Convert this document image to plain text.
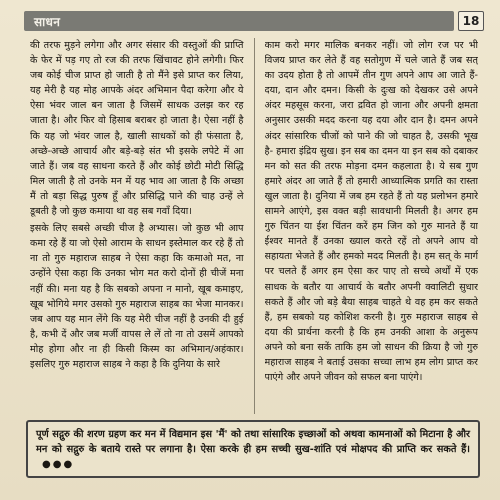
साधन	18

की तरफ मुड़ने लगेगा और अगर संसार की वस्तुओं की प्राप्ति के फेर में पड़ गए तो रज की तरफ खिंचावट होने लगेगी। फिर जब कोई चीज प्राप्त हो जाती है तो मैंने इसे प्राप्त कर लिया, यह मेरी है यह मोह आपके अंदर अभिमान पैदा करेगा और ये ऐसा भंवर जाल बन जाता है जिसमें साधक उलझ कर रह जाता है। और फिर वो हिसाब बराबर हो जाता है। ऐसा नहीं है कि यह जो भंवर जाल है, खाली साधकों को ही फंसाता है, अच्छे-अच्छे आचार्य और बड़े-बड़े संत भी इसके लपेटे में आ जाते हैं। जब वह साधना करते हैं और कोई छोटी मोटी सिद्धि मिल जाती है तो उनके मन में यह भाव आ जाता है कि अच्छा मैं तो बड़ा सिद्ध पुरुष हूँ और प्रसिद्धि पाने की चाह उन्हें ले डूबती है जो कुछ कमाया था वह सब गवाँ दिया।

इसके लिए सबसे अच्छी चीज है अभ्यास। जो कुछ भी आप कमा रहे हैं या जो ऐसो आराम के साधन इस्तेमाल कर रहे हैं तो ना तो गुरु महाराज साहब ने ऐसा कहा कि कमाओ मत, ना उन्होंने ऐसा कहा कि उनका भोग मत करो दोनों ही चीजें मना नहीं की। मना यह है कि सबको अपना न मानो, खूब कमाइए, खूब भोगिये मगर उसको गुरु महाराज साहब का भेजा मानकर। जब आप यह मान लेंगे कि यह मेरी चीज नहीं है उनकी दी हुई है, कभी दें और जब मर्जी वापस ले लें तो ना तो उसमें आपको मोह होगा और ना ही किसी किस्म का अभिमान/अहंकार। इसलिए गुरु महाराज साहब ने कहा है कि दुनिया के सारे

काम करो मगर मालिक बनकर नहीं। जो लोग रज पर भी विजय प्राप्त कर लेते हैं वह सतोगुण में चले जाते हैं जब सत् का उदय होता है तो आपमें तीन गुण अपने आप आ जाते हैं- दया, दान और दमन। किसी के दुःख को देखकर उसे अपने अंदर महसूस करना, जरा द्रवित हो जाना और अपनी क्षमता अनुसार उसकी मदद करना यह दया और दान है। दमन अपने अंदर सांसारिक चीजों को पाने की जो चाहत है, उसकी भूख है- हमारा इंद्रिय सुख। इन सब का दमन या इन सब को दबाकर मन को सत की तरफ मोड़ना दमन कहलाता है। ये सब गुण हमारे अंदर आ जाते हैं तो हमारी आध्यात्मिक प्रगति का रास्ता खुल जाता है। दुनिया में जब हम रहते हैं तो यह प्रलोभन हमारे सामने आएंगे, इस वक्त बड़ी सावधानी मिलती है। अगर हम गुरु चिंतन या ईश चिंतन करें हम जिन को गुरु मानते हैं या ईश्वर मानते हैं उनका ख्याल करते रहें तो अपने आप वो सहायता भेजते हैं और हमको मदद मिलती है। हम सत् के मार्ग पर चलते हैं अगर हम ऐसा कर पाए तो सच्चे अर्थों में एक साधक के बतौर या आचार्य के बतौर अपनी क्वालिटी सुधार सकते हैं और जो बड़े बैया साहब चाहते थे वह हम कर सकते हैं, हम सबको यह कोशिश करनी है। गुरु महाराज साहब से दया की प्रार्थना करनी है कि हम उनकी आशा के अनुरूप अपने को बना सकें ताकि हम जो साधन की क्रिया है जो गुरु महाराज साहब ने बताई उसका सच्चा लाभ हम लोग प्राप्त कर पाएंगे और अपने जीवन को सफल बना पाएंगे।

पूर्ण सद्गुरु की शरण ग्रहण कर मन में विद्यमान इस 'मैं' को तथा सांसारिक इच्छाओं को अथवा कामनाओं को मिटाना है और मन को सद्गुरु के बताये रास्ते पर लगाना है। ऐसा करके ही हम सच्ची सुख-शांति एवं मोक्षपद की प्राप्ति कर सकते हैं। ●●●
